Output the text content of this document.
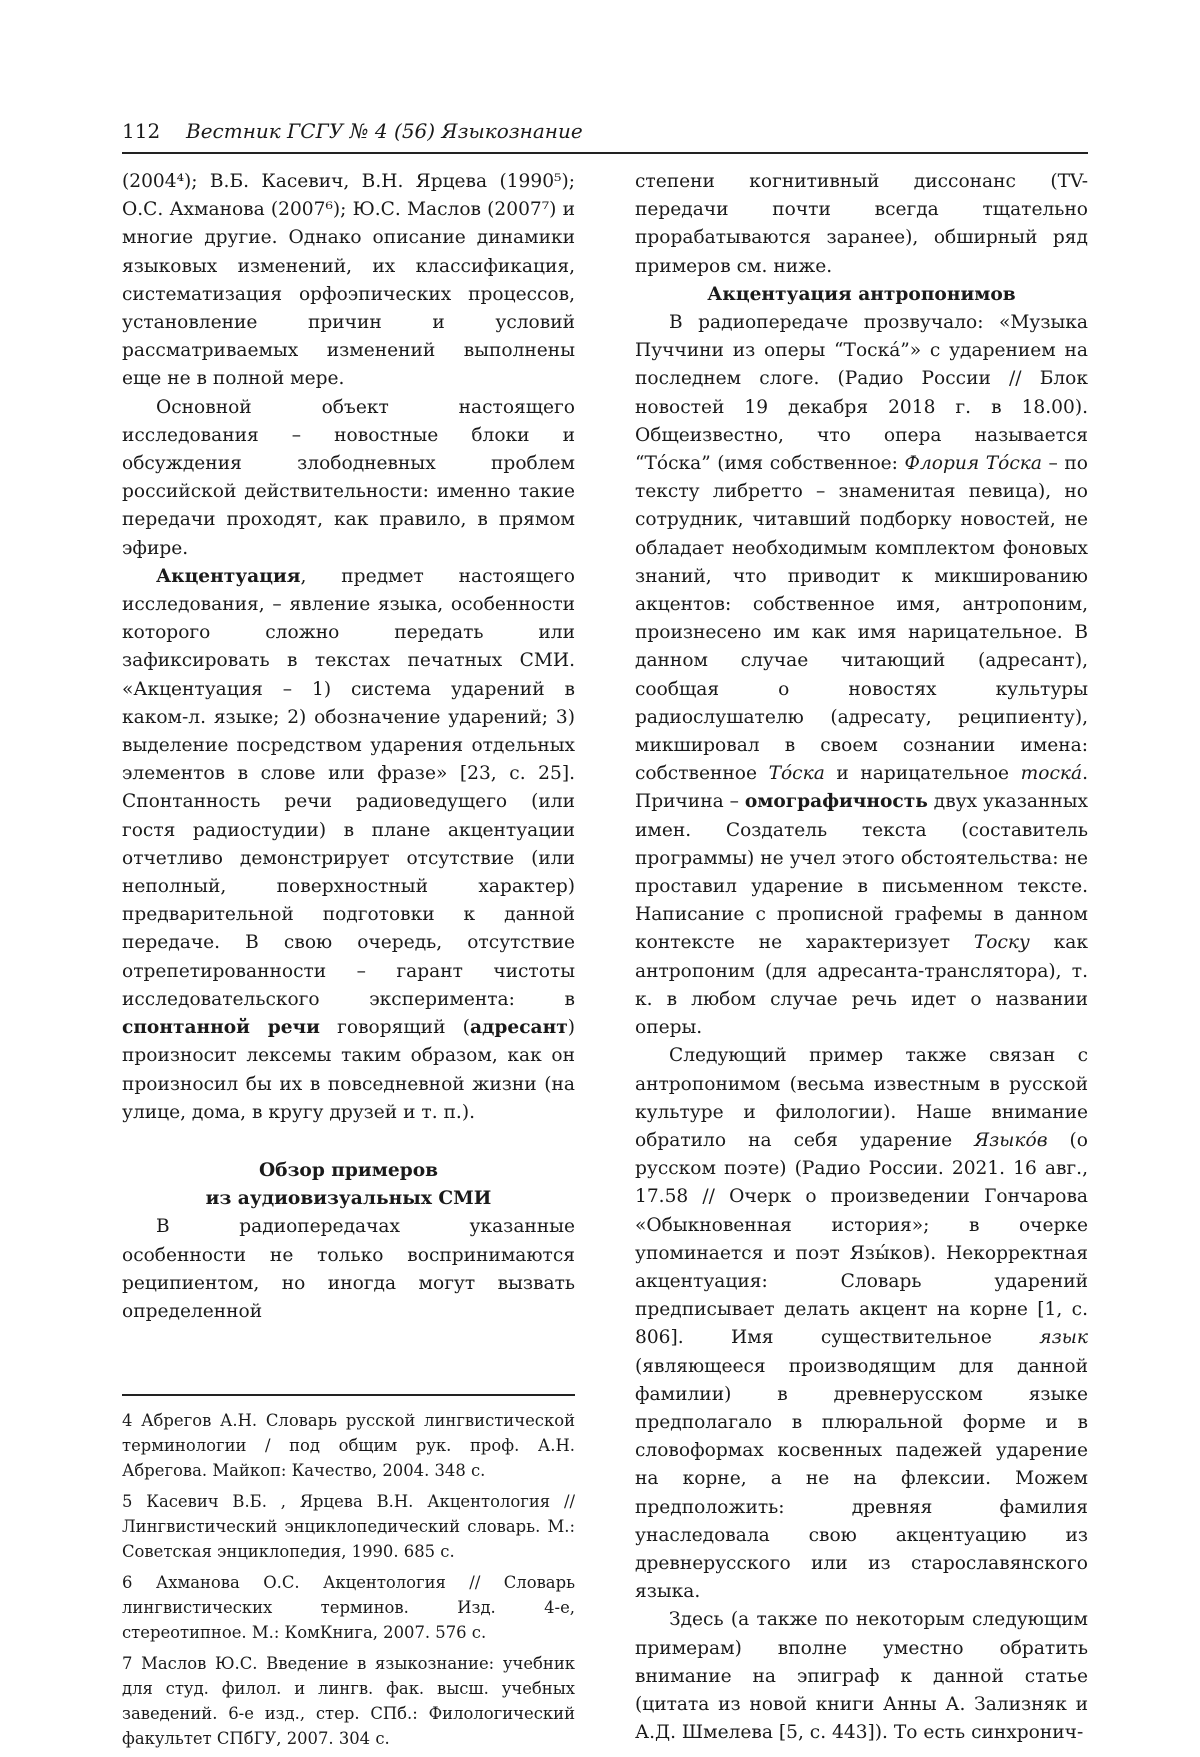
112 Вестник ГСГУ № 4 (56) Языкознание

(2004⁴); В.Б. Касевич, В.Н. Ярцева (1990⁵); О.С. Ахманова (2007⁶); Ю.С. Маслов (2007⁷) и многие другие. Однако описание динамики языковых изменений, их классификация, систематизация орфоэпических процессов, установление причин и условий рассматриваемых изменений выполнены еще не в полной мере.

Основной объект настоящего исследования – новостные блоки и обсуждения злободневных проблем российской действительности: именно такие передачи проходят, как правило, в прямом эфире.

Акцентуация, предмет настоящего исследования, – явление языка, особенности которого сложно передать или зафиксировать в текстах печатных СМИ. «Акцентуация – 1) система ударений в каком-л. языке; 2) обозначение ударений; 3) выделение посредством ударения отдельных элементов в слове или фразе» [23, с. 25]. Спонтанность речи радиоведущего (или гостя радиостудии) в плане акцентуации отчетливо демонстрирует отсутствие (или неполный, поверхностный характер) предварительной подготовки к данной передаче. В свою очередь, отсутствие отрепетированности – гарант чистоты исследовательского эксперимента: в спонтанной речи говорящий (адресант) произносит лексемы таким образом, как он произносил бы их в повседневной жизни (на улице, дома, в кругу друзей и т. п.).

Обзор примеров
из аудиовизуальных СМИ

В радиопередачах указанные особенности не только воспринимаются реципиентом, но иногда могут вызвать определенной

4 Абрегов А.Н. Словарь русской лингвистической терминологии / под общим рук. проф. А.Н. Абрегова. Майкоп: Качество, 2004. 348 с.

5 Касевич В.Б. , Ярцева В.Н. Акцентология // Лингвистический энциклопедический словарь. М.: Советская энциклопедия, 1990. 685 с.

6 Ахманова О.С. Акцентология // Словарь лингвистических терминов. Изд. 4-е, стереотипное. М.: КомКнига, 2007. 576 с.

7 Маслов Ю.С. Введение в языкознание: учебник для студ. филол. и лингв. фак. высш. учебных заведений. 6-е изд., стер. СПб.: Филологический факультет СПбГУ, 2007. 304 с.

степени когнитивный диссонанс (TV-передачи почти всегда тщательно прорабатываются заранее), обширный ряд примеров см. ниже.

Акцентуация антропонимов

В радиопередаче прозвучало: «Музыка Пуччини из оперы “Тоска́”» с ударением на последнем слоге. (Радио России // Блок новостей 19 декабря 2018 г. в 18.00). Общеизвестно, что опера называется “То́ска” (имя собственное: Флория То́ска – по тексту либретто – знаменитая певица), но сотрудник, читавший подборку новостей, не обладает необходимым комплектом фоновых знаний, что приводит к микшированию акцентов: собственное имя, антропоним, произнесено им как имя нарицательное. В данном случае читающий (адресант), сообщая о новостях культуры радиослушателю (адресату, реципиенту), микшировал в своем сознании имена: собственное То́ска и нарицательное тоска́. Причина – омографичность двух указанных имен. Создатель текста (составитель программы) не учел этого обстоятельства: не проставил ударение в письменном тексте. Написание с прописной графемы в данном контексте не характеризует Тоску как антропоним (для адресанта-транслятора), т. к. в любом случае речь идет о названии оперы.

Следующий пример также связан с антропонимом (весьма известным в русской культуре и филологии). Наше внимание обратило на себя ударение Языко́в (о русском поэте) (Радио России. 2021. 16 авг., 17.58 // Очерк о произведении Гончарова «Обыкновенная история»; в очерке упоминается и поэт Язы́ков). Некорректная акцентуация: Словарь ударений предписывает делать акцент на корне [1, с. 806]. Имя существительное язык (являющееся производящим для данной фамилии) в древнерусском языке предполагало в плюральной форме и в словоформах косвенных падежей ударение на корне, а не на флексии. Можем предположить: древняя фамилия унаследовала свою акцентуацию из древнерусского или из старославянского языка.

Здесь (а также по некоторым следующим примерам) вполне уместно обратить внимание на эпиграф к данной статье (цитата из новой книги Анны А. Зализняк и А.Д. Шмелева [5, с. 443]). То есть синхронич-
